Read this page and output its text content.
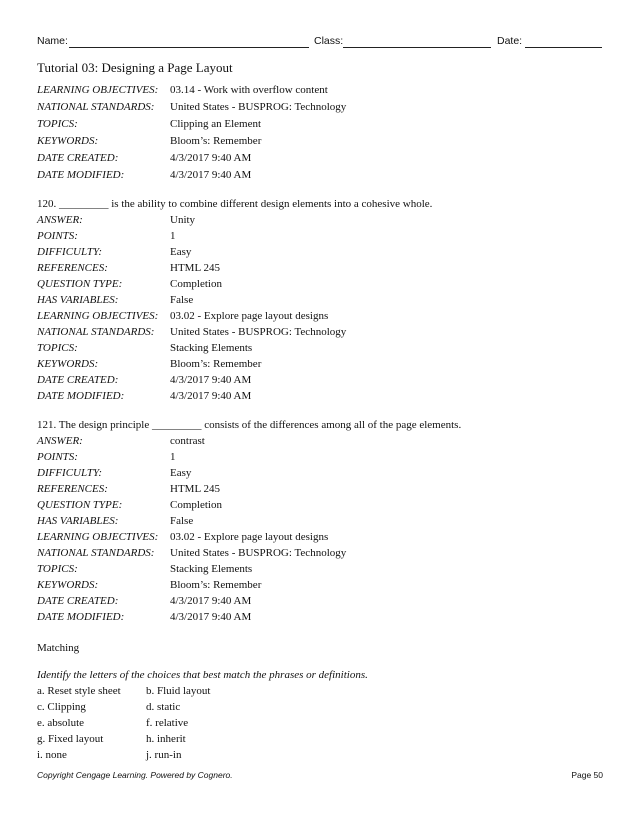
Name:	Class:	Date:
Tutorial 03: Designing a Page Layout
LEARNING OBJECTIVES: 03.14 - Work with overflow content
NATIONAL STANDARDS: United States - BUSPROG: Technology
TOPICS:	Clipping an Element
KEYWORDS:	Bloom’s: Remember
DATE CREATED:	4/3/2017 9:40 AM
DATE MODIFIED:	4/3/2017 9:40 AM
120. _________ is the ability to combine different design elements into a cohesive whole.
ANSWER:	Unity
POINTS:	1
DIFFICULTY:	Easy
REFERENCES:	HTML 245
QUESTION TYPE:	Completion
HAS VARIABLES:	False
LEARNING OBJECTIVES: 03.02 - Explore page layout designs
NATIONAL STANDARDS: United States - BUSPROG: Technology
TOPICS:	Stacking Elements
KEYWORDS:	Bloom’s: Remember
DATE CREATED:	4/3/2017 9:40 AM
DATE MODIFIED:	4/3/2017 9:40 AM
121. The design principle _________ consists of the differences among all of the page elements.
ANSWER:	contrast
POINTS:	1
DIFFICULTY:	Easy
REFERENCES:	HTML 245
QUESTION TYPE:	Completion
HAS VARIABLES:	False
LEARNING OBJECTIVES: 03.02 - Explore page layout designs
NATIONAL STANDARDS: United States - BUSPROG: Technology
TOPICS:	Stacking Elements
KEYWORDS:	Bloom’s: Remember
DATE CREATED:	4/3/2017 9:40 AM
DATE MODIFIED:	4/3/2017 9:40 AM
Matching
Identify the letters of the choices that best match the phrases or definitions.
a. Reset style sheet b. Fluid layout
c. Clipping	d. static
e. absolute	f. relative
g. Fixed layout	h. inherit
i. none	j. run-in
Copyright Cengage Learning. Powered by Cognero.	Page 50
